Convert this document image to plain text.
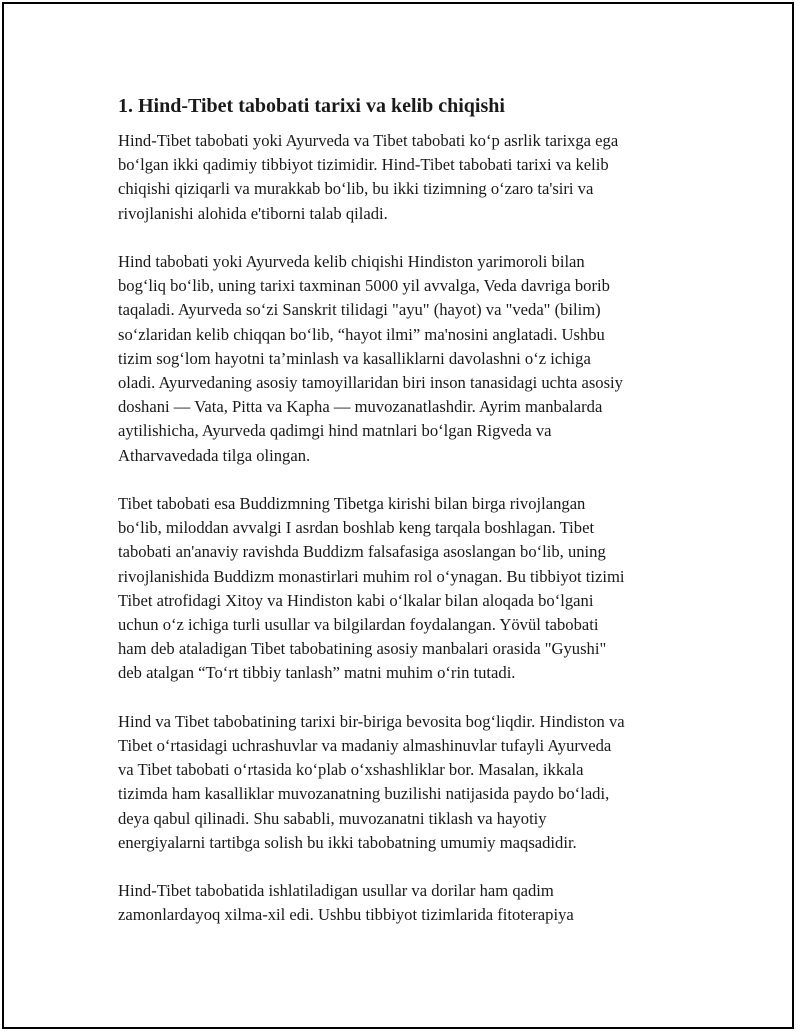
1. Hind-Tibet tabobati tarixi va kelib chiqishi

Hind-Tibet tabobati yoki Ayurveda va Tibet tabobati ko‘p asrlik tarixga ega
bo‘lgan ikki qadimiy tibbiyot tizimidir. Hind-Tibet tabobati tarixi va kelib
chiqishi qiziqarli va murakkab bo‘lib, bu ikki tizimning o‘zaro ta'siri va
rivojlanishi alohida e'tiborni talab qiladi.

Hind tabobati yoki Ayurveda kelib chiqishi Hindiston yarimoroli bilan
bog‘liq bo‘lib, uning tarixi taxminan 5000 yil avvalga, Veda davriga borib
taqaladi. Ayurveda so‘zi Sanskrit tilidagi "ayu" (hayot) va "veda" (bilim)
so‘zlaridan kelib chiqqan bo‘lib, “hayot ilmi” ma'nosini anglatadi. Ushbu
tizim sog‘lom hayotni ta’minlash va kasalliklarni davolashni o‘z ichiga
oladi. Ayurvedaning asosiy tamoyillaridan biri inson tanasidagi uchta asosiy
doshani — Vata, Pitta va Kapha — muvozanatlashdir. Ayrim manbalarda
aytilishicha, Ayurveda qadimgi hind matnlari bo‘lgan Rigveda va
Atharvavedada tilga olingan.

Tibet tabobati esa Buddizmning Tibetga kirishi bilan birga rivojlangan
bo‘lib, miloddan avvalgi I asrdan boshlab keng tarqala boshlagan. Tibet
tabobati an'anaviy ravishda Buddizm falsafasiga asoslangan bo‘lib, uning
rivojlanishida Buddizm monastirlari muhim rol o‘ynagan. Bu tibbiyot tizimi
Tibet atrofidagi Xitoy va Hindiston kabi o‘lkalar bilan aloqada bo‘lgani
uchun o‘z ichiga turli usullar va bilgilardan foydalangan. Yövül tabobati
ham deb ataladigan Tibet tabobatining asosiy manbalari orasida "Gyushi"
deb atalgan “To‘rt tibbiy tanlash” matni muhim o‘rin tutadi.

Hind va Tibet tabobatining tarixi bir-biriga bevosita bog‘liqdir. Hindiston va
Tibet o‘rtasidagi uchrashuvlar va madaniy almashinuvlar tufayli Ayurveda
va Tibet tabobati o‘rtasida ko‘plab o‘xshashliklar bor. Masalan, ikkala
tizimda ham kasalliklar muvozanatning buzilishi natijasida paydo bo‘ladi,
deya qabul qilinadi. Shu sababli, muvozanatni tiklash va hayotiy
energiyalarni tartibga solish bu ikki tabobatning umumiy maqsadidir.

Hind-Tibet tabobatida ishlatiladigan usullar va dorilar ham qadim
zamonlardayoq xilma-xil edi. Ushbu tibbiyot tizimlarida fitoterapiya
